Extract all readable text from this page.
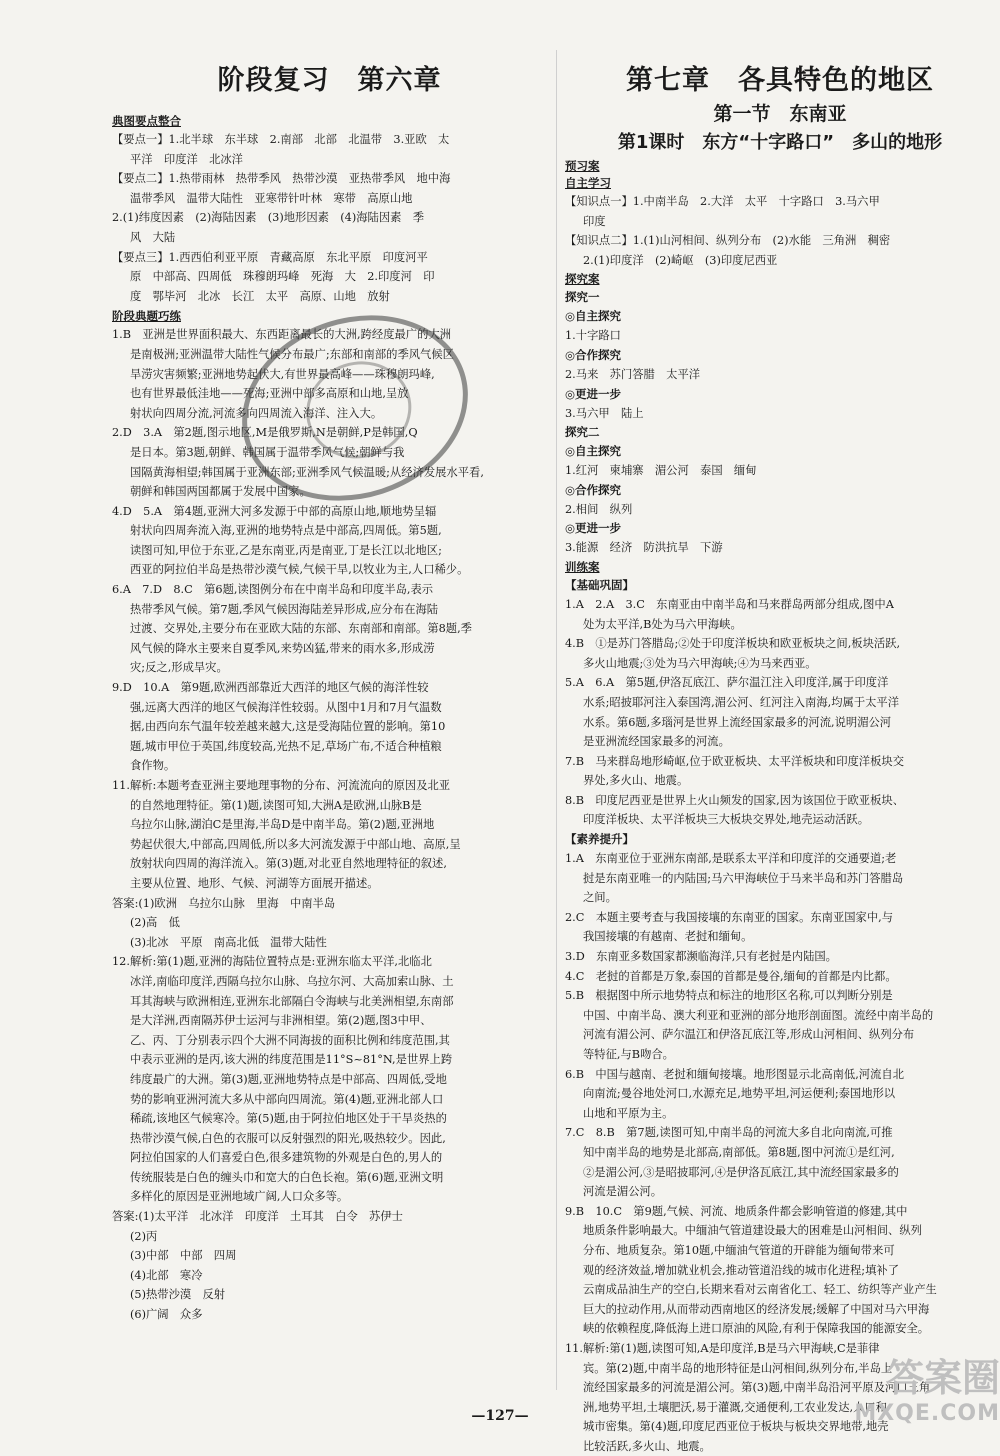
阶段复习　第六章
典图要点整合
【要点一】1.北半球　东半球　2.南部　北部　北温带　3.亚欧　太
平洋　印度洋　北冰洋
【要点二】1.热带雨林　热带季风　热带沙漠　亚热带季风　地中海
温带季风　温带大陆性　亚寒带针叶林　寒带　高原山地
2.(1)纬度因素　(2)海陆因素　(3)地形因素　(4)海陆因素　季
风　大陆
【要点三】1.西西伯利亚平原　青藏高原　东北平原　印度河平
原　中部高、四周低　珠穆朗玛峰　死海　大　2.印度河　印
度　鄂毕河　北冰　长江　太平　高原、山地　放射
阶段典题巧练
1.B　亚洲是世界面积最大、东西距离最长的大洲,跨经度最广的大洲
是南极洲;亚洲温带大陆性气候分布最广;东部和南部的季风气候区
旱涝灾害频繁;亚洲地势起伏大,有世界最高峰——珠穆朗玛峰,
也有世界最低洼地——死海;亚洲中部多高原和山地,呈放
射状向四周分流,河流多向四周流入海洋、注入大。
2.D　3.A　第2题,图示地区,M是俄罗斯,N是朝鲜,P是韩国,Q
是日本。第3题,朝鲜、韩国属于温带季风气候;朝鲜与我
国隔黄海相望;韩国属于亚洲东部;亚洲季风气候温暖;从经济发展水平看,
朝鲜和韩国两国都属于发展中国家。
4.D　5.A　第4题,亚洲大河多发源于中部的高原山地,顺地势呈辐
射状向四周奔流入海,亚洲的地势特点是中部高,四周低。第5题,
读图可知,甲位于东亚,乙是东南亚,丙是南亚,丁是长江以北地区;
西亚的阿拉伯半岛是热带沙漠气候,气候干旱,以牧业为主,人口稀少。
6.A　7.D　8.C　第6题,读图例分布在中南半岛和印度半岛,表示
热带季风气候。第7题,季风气候因海陆差异形成,应分布在海陆
过渡、交界处,主要分布在亚欧大陆的东部、东南部和南部。第8题,季
风气候的降水主要来自夏季风,来势凶猛,带来的雨水多,形成涝
灾;反之,形成旱灾。
9.D　10.A　第9题,欧洲西部靠近大西洋的地区气候的海洋性较
强,远离大西洋的地区气候海洋性较弱。从图中1月和7月气温数
据,由西向东气温年较差越来越大,这是受海陆位置的影响。第10
题,城市甲位于英国,纬度较高,光热不足,草场广布,不适合种植粮
食作物。
11.解析:本题考查亚洲主要地理事物的分布、河流流向的原因及北亚
的自然地理特征。第(1)题,读图可知,大洲A是欧洲,山脉B是
乌拉尔山脉,湖泊C是里海,半岛D是中南半岛。第(2)题,亚洲地
势起伏很大,中部高,四周低,所以多大河流发源于中部山地、高原,呈
放射状向四周的海洋流入。第(3)题,对北亚自然地理特征的叙述,
主要从位置、地形、气候、河湖等方面展开描述。
答案:(1)欧洲　乌拉尔山脉　里海　中南半岛
(2)高　低
(3)北冰　平原　南高北低　温带大陆性
12.解析:第(1)题,亚洲的海陆位置特点是:亚洲东临太平洋,北临北
冰洋,南临印度洋,西隔乌拉尔山脉、乌拉尔河、大高加索山脉、土
耳其海峡与欧洲相连,亚洲东北部隔白令海峡与北美洲相望,东南部
是大洋洲,西南隔苏伊士运河与非洲相望。第(2)题,图3中甲、
乙、丙、丁分别表示四个大洲不同海拔的面积比例和纬度范围,其
中表示亚洲的是丙,该大洲的纬度范围是11°S~81°N,是世界上跨
纬度最广的大洲。第(3)题,亚洲地势特点是中部高、四周低,受地
势的影响亚洲河流大多从中部向四周流。第(4)题,亚洲北部人口
稀疏,该地区气候寒冷。第(5)题,由于阿拉伯地区处于干旱炎热的
热带沙漠气候,白色的衣服可以反射强烈的阳光,吸热较少。因此,
阿拉伯国家的人们喜爱白色,很多建筑物的外观是白色的,男人的
传统服装是白色的缠头巾和宽大的白色长袍。第(6)题,亚洲文明
多样化的原因是亚洲地域广阔,人口众多等。
答案:(1)太平洋　北冰洋　印度洋　土耳其　白令　苏伊士
(2)丙
(3)中部　中部　四周
(4)北部　寒冷
(5)热带沙漠　反射
(6)广阔　众多
第七章　各具特色的地区
第一节　东南亚
第1课时　东方“十字路口”　多山的地形
预习案
自主学习
【知识点一】1.中南半岛　2.大洋　太平　十字路口　3.马六甲
印度
【知识点二】1.(1)山河相间、纵列分布　(2)水能　三角洲　稠密
2.(1)印度洋　(2)崎岖　(3)印度尼西亚
探究案
探究一
◎自主探究
1.十字路口
◎合作探究
2.马来　苏门答腊　太平洋
◎更进一步
3.马六甲　陆上
探究二
◎自主探究
1.红河　柬埔寨　湄公河　泰国　缅甸
◎合作探究
2.相间　纵列
◎更进一步
3.能源　经济　防洪抗旱　下游
训练案
【基础巩固】
1.A　2.A　3.C　东南亚由中南半岛和马来群岛两部分组成,图中A
处为太平洋,B处为马六甲海峡。
4.B　①是苏门答腊岛;②处于印度洋板块和欧亚板块之间,板块活跃,
多火山地震;③处为马六甲海峡;④为马来西亚。
5.A　6.A　第5题,伊洛瓦底江、萨尔温江注入印度洋,属于印度洋
水系;昭披耶河注入泰国湾,湄公河、红河注入南海,均属于太平洋
水系。第6题,多瑙河是世界上流经国家最多的河流,说明湄公河
是亚洲流经国家最多的河流。
7.B　马来群岛地形崎岖,位于欧亚板块、太平洋板块和印度洋板块交
界处,多火山、地震。
8.B　印度尼西亚是世界上火山频发的国家,因为该国位于欧亚板块、
印度洋板块、太平洋板块三大板块交界处,地壳运动活跃。
【素养提升】
1.A　东南亚位于亚洲东南部,是联系太平洋和印度洋的交通要道;老
挝是东南亚唯一的内陆国;马六甲海峡位于马来半岛和苏门答腊岛
之间。
2.C　本题主要考查与我国接壤的东南亚的国家。东南亚国家中,与
我国接壤的有越南、老挝和缅甸。
3.D　东南亚多数国家都濒临海洋,只有老挝是内陆国。
4.C　老挝的首都是万象,泰国的首都是曼谷,缅甸的首都是内比都。
5.B　根据图中所示地势特点和标注的地形区名称,可以判断分别是
中国、中南半岛、澳大利亚和亚洲的部分地形剖面图。流经中南半岛的
河流有湄公河、萨尔温江和伊洛瓦底江等,形成山河相间、纵列分布
等特征,与B吻合。
6.B　中国与越南、老挝和缅甸接壤。地形图显示北高南低,河流自北
向南流;曼谷地处河口,水源充足,地势平坦,河运便利;泰国地形以
山地和平原为主。
7.C　8.B　第7题,读图可知,中南半岛的河流大多自北向南流,可推
知中南半岛的地势是北部高,南部低。第8题,图中河流①是红河,
②是湄公河,③是昭披耶河,④是伊洛瓦底江,其中流经国家最多的
河流是湄公河。
9.B　10.C　第9题,气候、河流、地质条件都会影响管道的修建,其中
地质条件影响最大。中缅油气管道建设最大的困难是山河相间、纵列
分布、地质复杂。第10题,中缅油气管道的开辟能为缅甸带来可
观的经济效益,增加就业机会,推动管道沿线的城市化进程;填补了
云南成品油生产的空白,长期来看对云南省化工、轻工、纺织等产业产生
巨大的拉动作用,从而带动西南地区的经济发展;缓解了中国对马六甲海
峡的依赖程度,降低海上进口原油的风险,有利于保障我国的能源安全。
11.解析:第(1)题,读图可知,A是印度洋,B是马六甲海峡,C是菲律
宾。第(2)题,中南半岛的地形特征是山河相间,纵列分布,半岛上
流经国家最多的河流是湄公河。第(3)题,中南半岛沿河平原及河口三角
洲,地势平坦,土壤肥沃,易于灌溉,交通便利,工农业发达,人口和
城市密集。第(4)题,印度尼西亚位于板块与板块交界地带,地壳
比较活跃,多火山、地震。
—127—
答案圈
MXQE.COM
